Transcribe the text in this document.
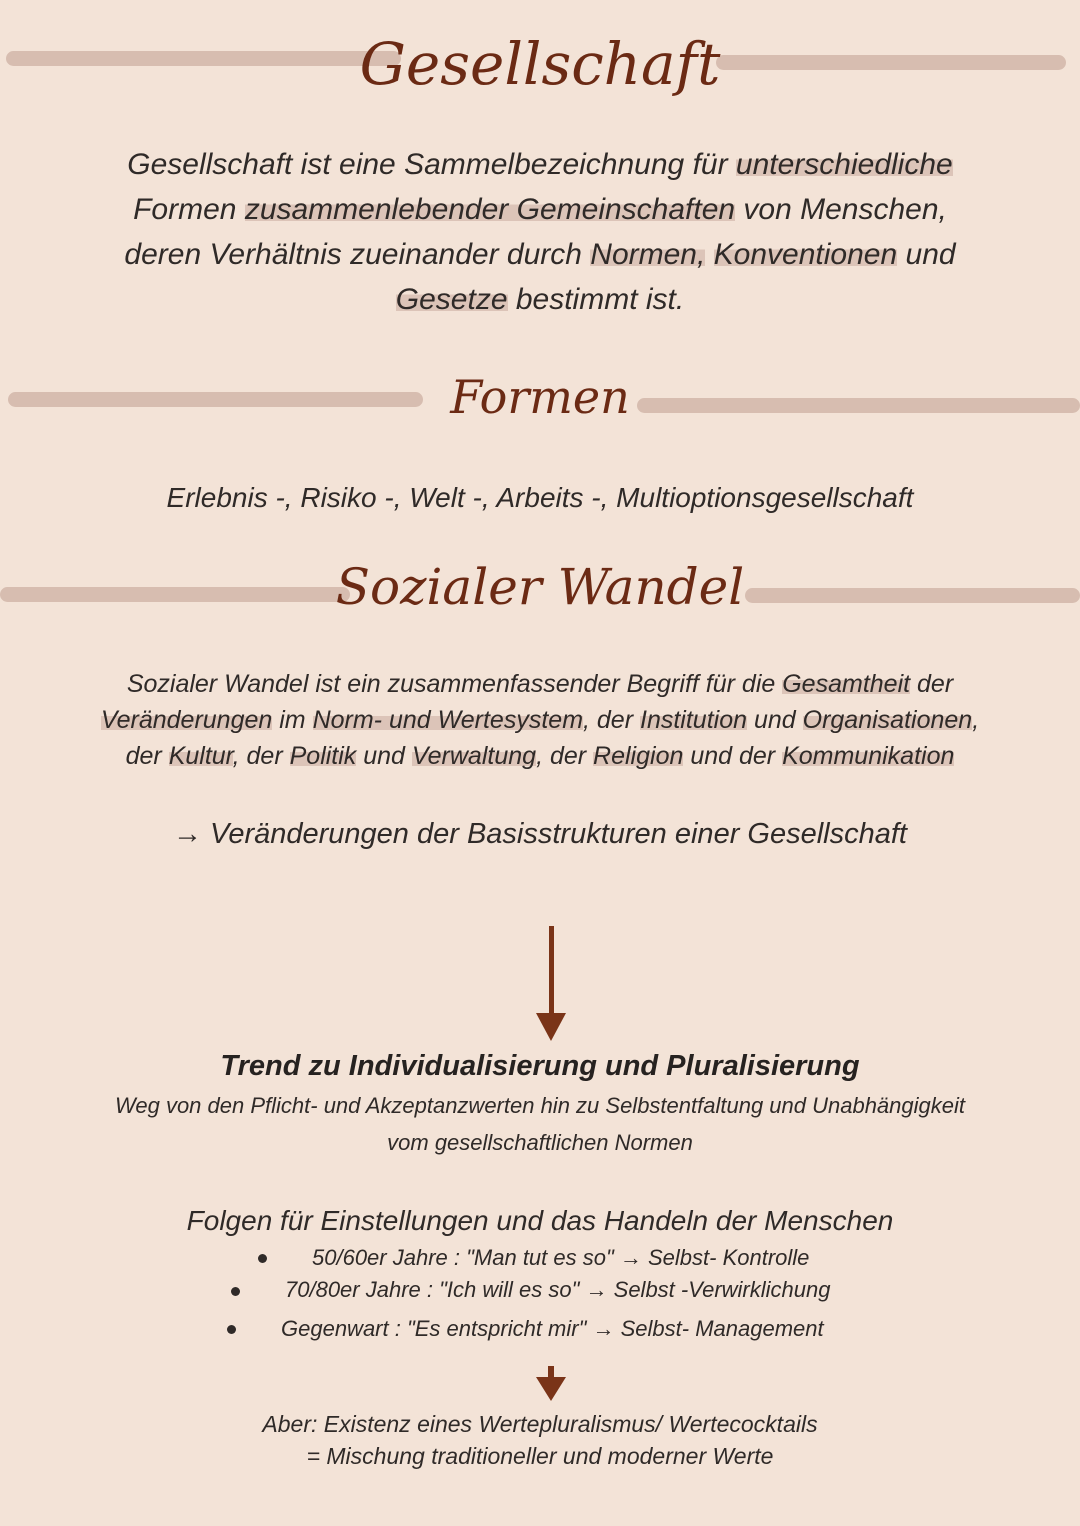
Gesellschaft
Gesellschaft ist eine Sammelbezeichnung für unterschiedliche
Formen zusammenlebender Gemeinschaften von Menschen,
deren Verhältnis zueinander durch Normen, Konventionen und
Gesetze bestimmt ist.
Formen
Erlebnis -, Risiko -, Welt -, Arbeits -, Multioptionsgesellschaft
Sozialer Wandel
Sozialer Wandel ist ein zusammenfassender Begriff für die Gesamtheit der
Veränderungen im Norm- und Wertesystem, der Institution und Organisationen,
der Kultur, der Politik und Verwaltung, der Religion und der Kommunikation
→ Veränderungen der Basisstrukturen einer Gesellschaft
Trend zu Individualisierung und Pluralisierung
Weg von den Pflicht- und Akzeptanzwerten hin zu Selbstentfaltung und Unabhängigkeit
vom gesellschaftlichen Normen
Folgen für Einstellungen und das Handeln der Menschen
50/60er Jahre : "Man tut es so" → Selbst- Kontrolle
70/80er Jahre : "Ich will es so" → Selbst -Verwirklichung
Gegenwart : "Es entspricht mir" → Selbst- Management
Aber: Existenz eines Wertepluralismus/ Wertecocktails
= Mischung traditioneller und moderner Werte
